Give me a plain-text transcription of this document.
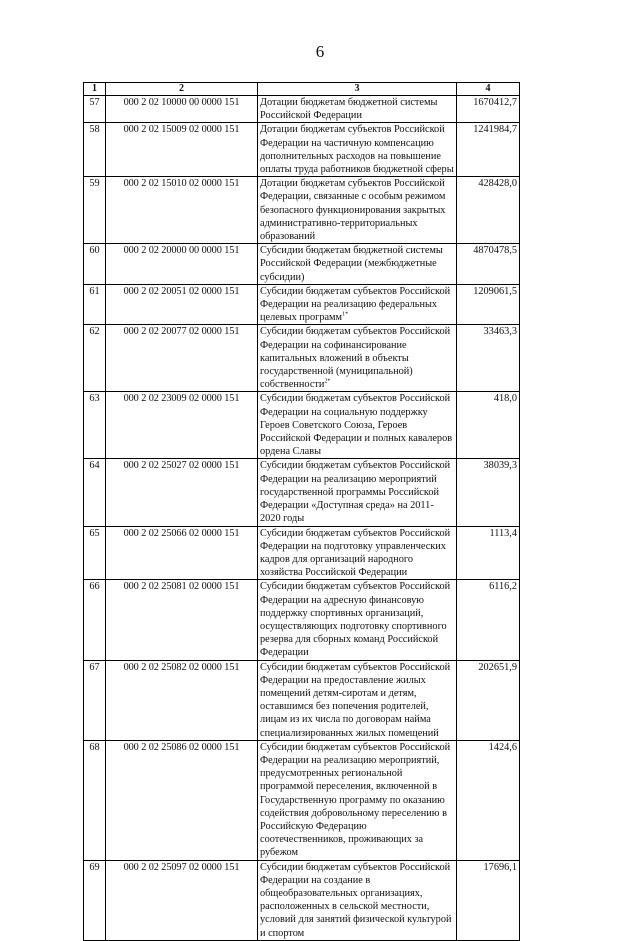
6
1	2	3	4
57	000 2 02 10000 00 0000 151	Дотации бюджетам бюджетной системы Российской Федерации	1670412,7
58	000 2 02 15009 02 0000 151	Дотации бюджетам субъектов Российской Федерации на частичную компенсацию дополнительных расходов на повышение оплаты труда работников бюджетной сферы	1241984,7
59	000 2 02 15010 02 0000 151	Дотации бюджетам субъектов Российской Федерации, связанные с особым режимом безопасного функционирования закрытых административно-территориальных образований	428428,0
60	000 2 02 20000 00 0000 151	Субсидии бюджетам бюджетной системы Российской Федерации (межбюджетные субсидии)	4870478,5
61	000 2 02 20051 02 0000 151	Субсидии бюджетам субъектов Российской Федерации на реализацию федеральных целевых программ$^{1*}$	1209061,5
62	000 2 02 20077 02 0000 151	Субсидии бюджетам субъектов Российской Федерации на софинансирование капитальных вложений в объекты государственной (муниципальной) собственности$^{2*}$	33463,3
63	000 2 02 23009 02 0000 151	Субсидии бюджетам субъектов Российской Федерации на социальную поддержку Героев Советского Союза, Героев Российской Федерации и полных кавалеров ордена Славы	418,0
64	000 2 02 25027 02 0000 151	Субсидии бюджетам субъектов Российской Федерации на реализацию мероприятий государственной программы Российской Федерации «Доступная среда» на 2011-2020 годы	38039,3
65	000 2 02 25066 02 0000 151	Субсидии бюджетам субъектов Российской Федерации на подготовку управленческих кадров для организаций народного хозяйства Российской Федерации	1113,4
66	000 2 02 25081 02 0000 151	Субсидии бюджетам субъектов Российской Федерации на адресную финансовую поддержку спортивных организаций, осуществляющих подготовку спортивного резерва для сборных команд Российской Федерации	6116,2
67	000 2 02 25082 02 0000 151	Субсидии бюджетам субъектов Российской Федерации на предоставление жилых помещений детям-сиротам и детям, оставшимся без попечения родителей, лицам из их числа по договорам найма специализированных жилых помещений	202651,9
68	000 2 02 25086 02 0000 151	Субсидии бюджетам субъектов Российской Федерации на реализацию мероприятий, предусмотренных региональной программой переселения, включенной в Государственную программу по оказанию содействия добровольному переселению в Российскую Федерацию соотечественников, проживающих за рубежом	1424,6
69	000 2 02 25097 02 0000 151	Субсидии бюджетам субъектов Российской Федерации на создание в общеобразовательных организациях, расположенных в сельской местности, условий для занятий физической культурой и спортом	17696,1
